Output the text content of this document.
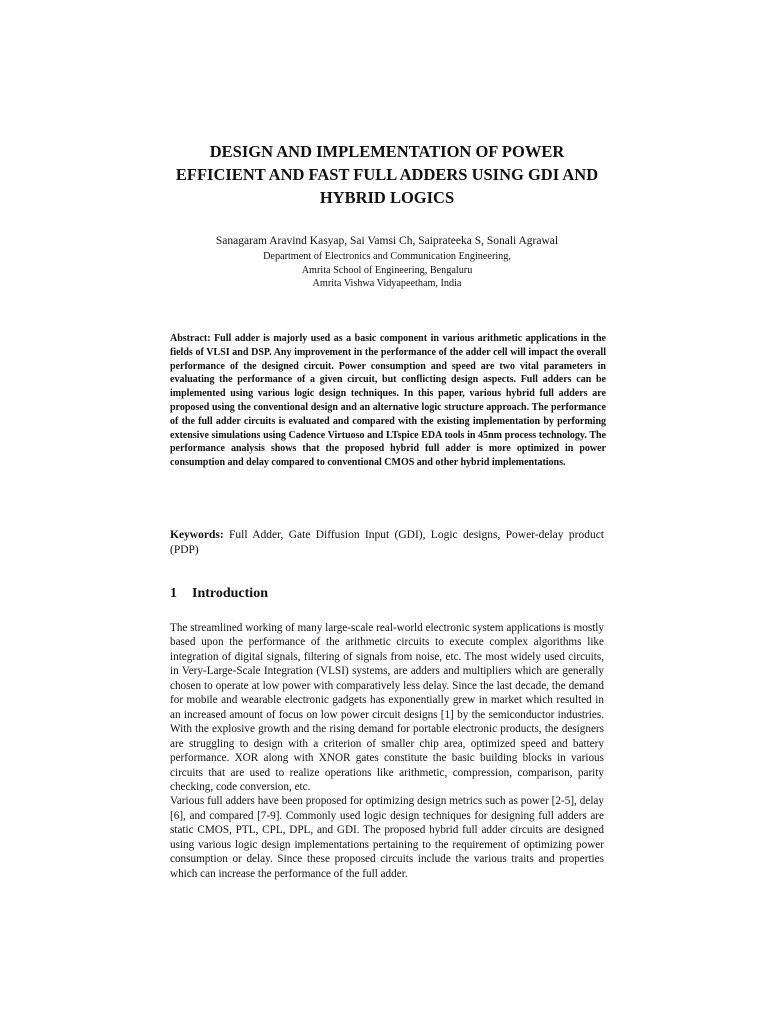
DESIGN AND IMPLEMENTATION OF POWER EFFICIENT AND FAST FULL ADDERS USING GDI AND HYBRID LOGICS

Sanagaram Aravind Kasyap, Sai Vamsi Ch, Saiprateeka S, Sonali Agrawal

Department of Electronics and Communication Engineering,

Amrita School of Engineering, Bengaluru

Amrita Vishwa Vidyapeetham, India

Abstract: Full adder is majorly used as a basic component in various arithmetic applications in the fields of VLSI and DSP. Any improvement in the performance of the adder cell will impact the overall performance of the designed circuit. Power consumption and speed are two vital parameters in evaluating the performance of a given circuit, but conflicting design aspects. Full adders can be implemented using various logic design techniques. In this paper, various hybrid full adders are proposed using the conventional design and an alternative logic structure approach. The performance of the full adder circuits is evaluated and compared with the existing implementation by performing extensive simulations using Cadence Virtuoso and LTspice EDA tools in 45nm process technology. The performance analysis shows that the proposed hybrid full adder is more optimized in power consumption and delay compared to conventional CMOS and other hybrid implementations.

Keywords: Full Adder, Gate Diffusion Input (GDI), Logic designs, Power-delay product (PDP)

1 Introduction

The streamlined working of many large-scale real-world electronic system applications is mostly based upon the performance of the arithmetic circuits to execute complex algorithms like integration of digital signals, filtering of signals from noise, etc. The most widely used circuits, in Very-Large-Scale Integration (VLSI) systems, are adders and multipliers which are generally chosen to operate at low power with comparatively less delay. Since the last decade, the demand for mobile and wearable electronic gadgets has exponentially grew in market which resulted in an increased amount of focus on low power circuit designs [1] by the semiconductor industries. With the explosive growth and the rising demand for portable electronic products, the designers are struggling to design with a criterion of smaller chip area, optimized speed and battery performance. XOR along with XNOR gates constitute the basic building blocks in various circuits that are used to realize operations like arithmetic, compression, comparison, parity checking, code conversion, etc.

Various full adders have been proposed for optimizing design metrics such as power [2-5], delay [6], and compared [7-9]. Commonly used logic design techniques for designing full adders are static CMOS, PTL, CPL, DPL, and GDI. The proposed hybrid full adder circuits are designed using various logic design implementations pertaining to the requirement of optimizing power consumption or delay. Since these proposed circuits include the various traits and properties which can increase the performance of the full adder.
